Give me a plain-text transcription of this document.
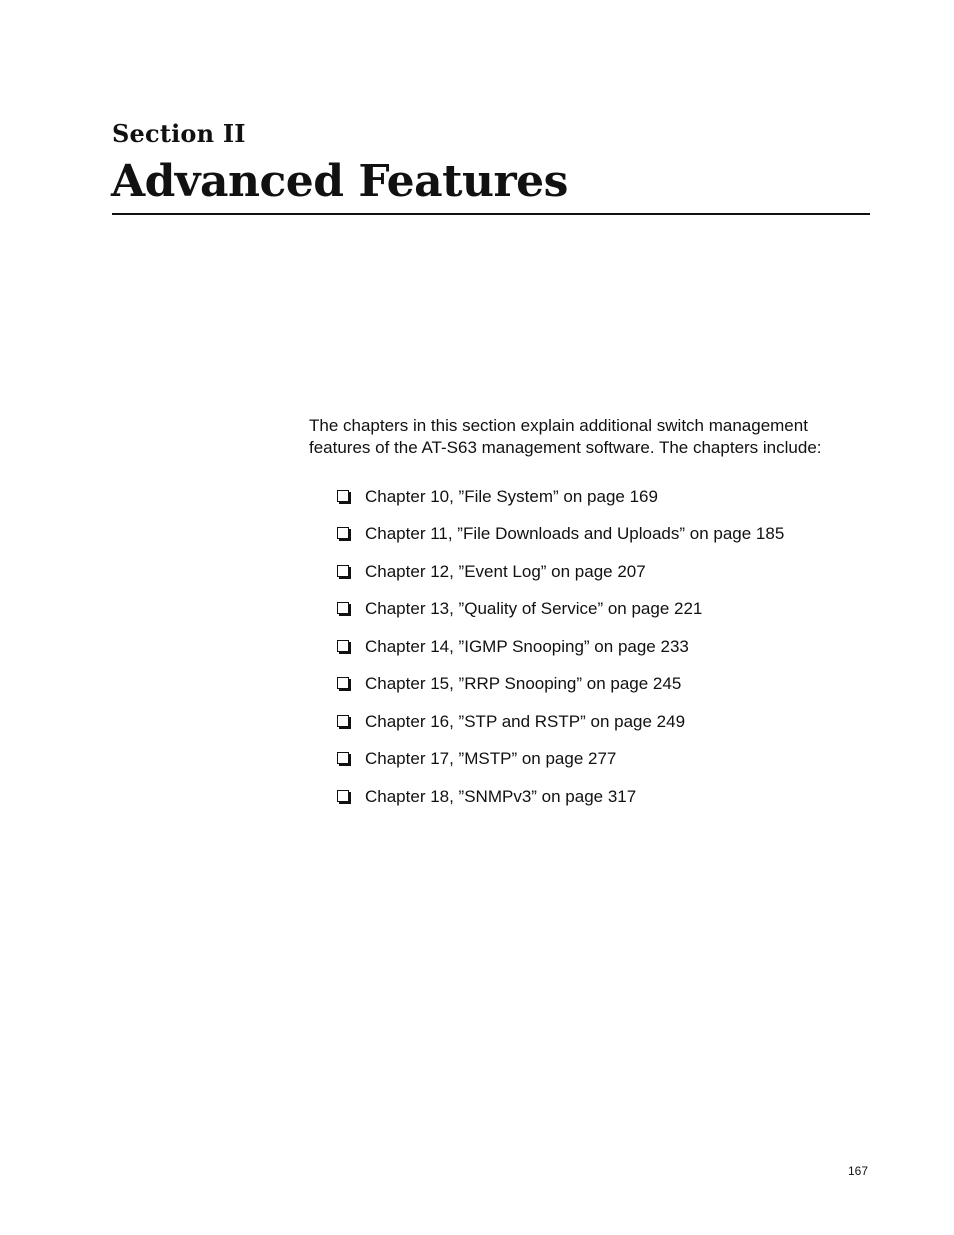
Section II
Advanced Features

The chapters in this section explain additional switch management features of the AT-S63 management software. The chapters include:

Chapter 10, ”File System” on page 169
Chapter 11, ”File Downloads and Uploads” on page 185
Chapter 12, ”Event Log” on page 207
Chapter 13, ”Quality of Service” on page 221
Chapter 14, ”IGMP Snooping” on page 233
Chapter 15, ”RRP Snooping” on page 245
Chapter 16, ”STP and RSTP” on page 249
Chapter 17, ”MSTP” on page 277
Chapter 18, ”SNMPv3” on page 317
167
